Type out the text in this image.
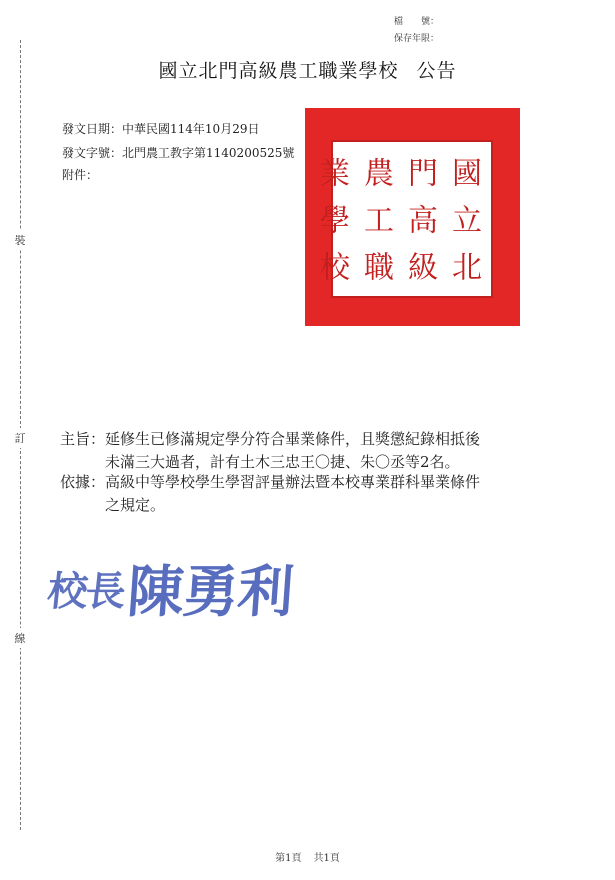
檔　　號：
保存年限：
國立北門高級農工職業學校 公告
裝
訂
線
發文日期：中華民國114年10月29日
發文字號：北門農工教字第1140200525號
附件：	國
門
農
業
立
高
工
學
北
級
職
校
主旨： 延修生已修滿規定學分符合畢業條件，且獎懲紀錄相抵後
未滿三大過者，計有土木三忠王〇捷、朱〇丞等2名。
依據： 高級中等學校學生學習評量辦法暨本校專業群科畢業條件
之規定。
校長 陳勇利
第1頁 共1頁
